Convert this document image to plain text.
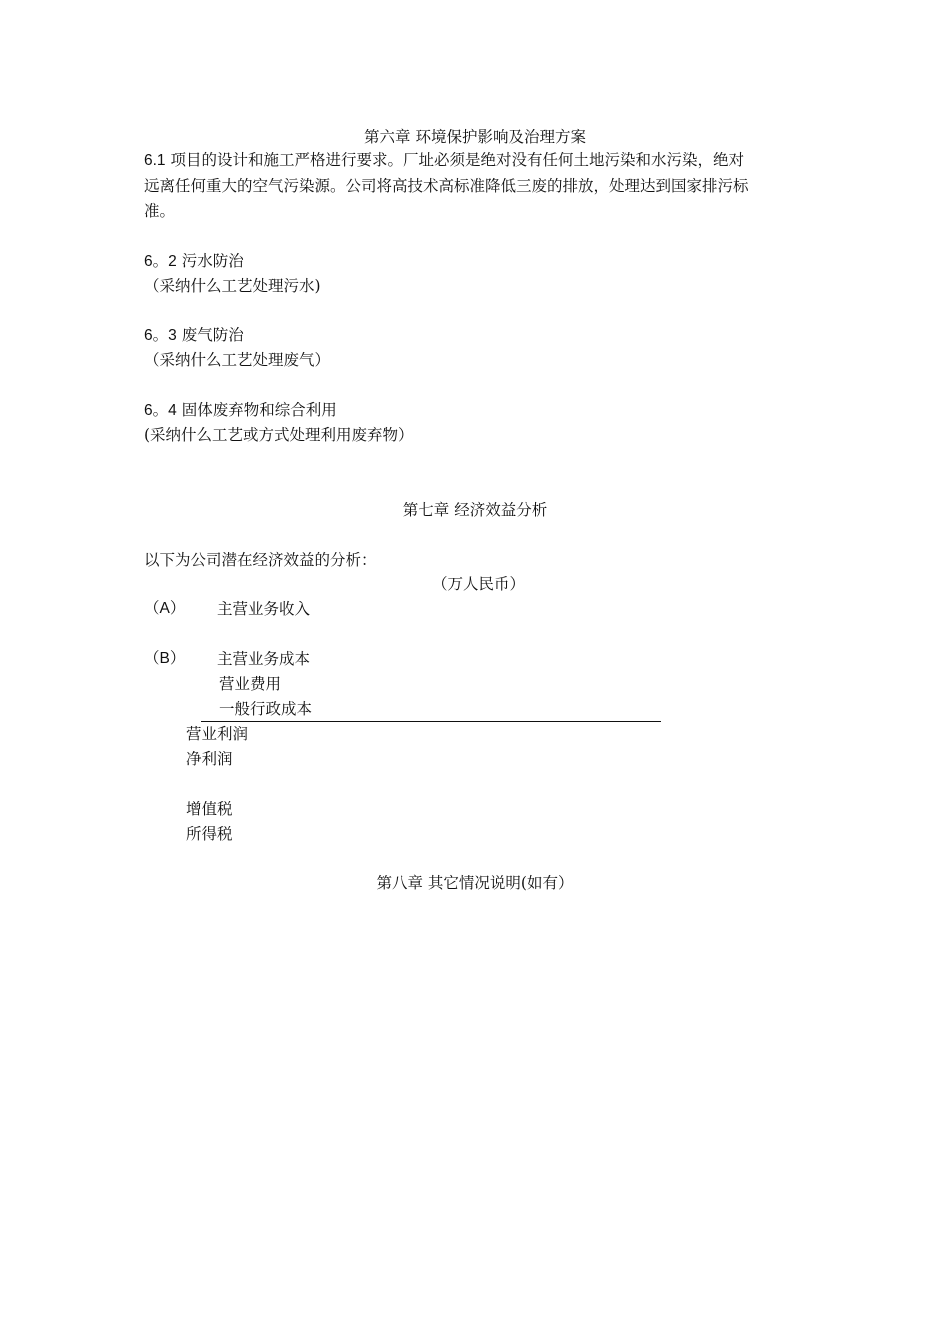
第六章 环境保护影响及治理方案
6.1 项目的设计和施工严格进行要求。厂址必须是绝对没有任何土地污染和水污染，绝对
远离任何重大的空气污染源。公司将高技术高标准降低三废的排放，处理达到国家排污标
准。
6。2 污水防治
（采纳什么工艺处理污水)
6。3 废气防治
（采纳什么工艺处理废气）
6。4 固体废弃物和综合利用
(采纳什么工艺或方式处理利用废弃物）
第七章 经济效益分析
以下为公司潜在经济效益的分析：
（万人民币）
（A） 主营业务收入
（B） 主营业务成本
营业费用
一般行政成本
营业利润
净利润
增值税
所得税
第八章 其它情况说明(如有）
